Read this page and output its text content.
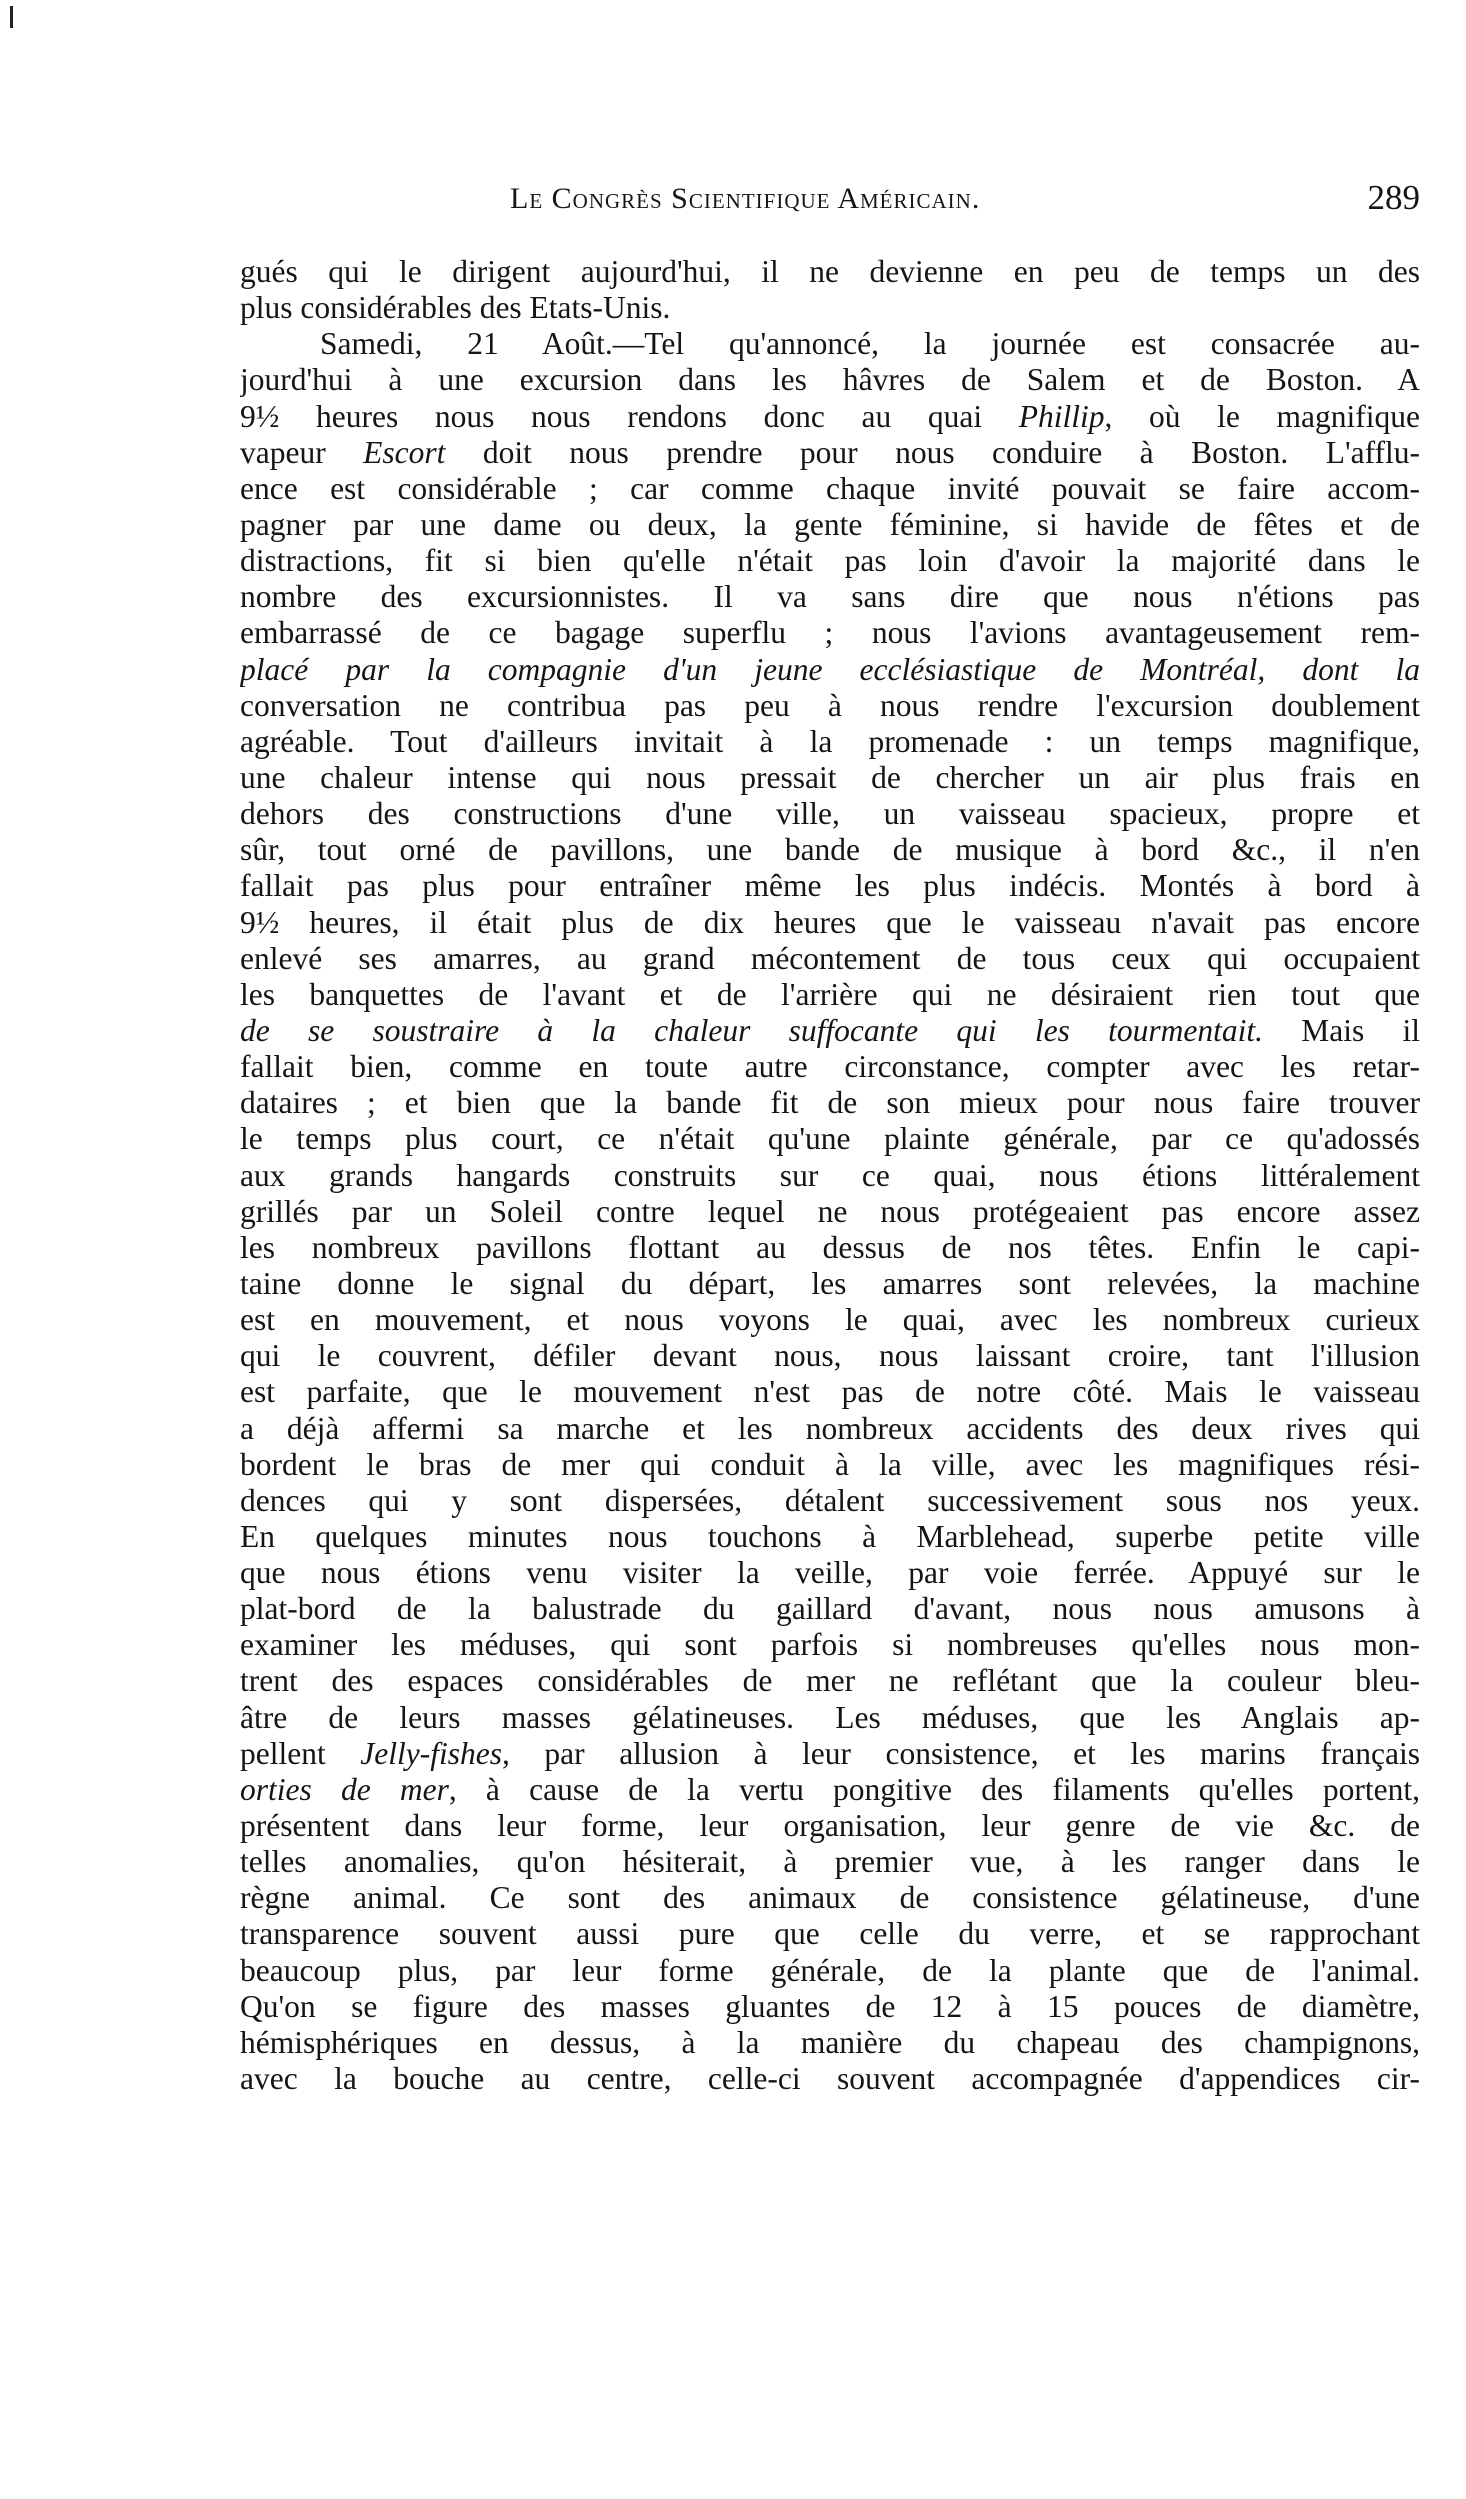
Le Congrès Scientifique Américain.	289
gués qui le dirigent aujourd'hui, il ne devienne en peu de temps un des
plus considérables des Etats-Unis.
Samedi, 21 Août.—Tel qu'annoncé, la journée est consacrée au-
jourd'hui à une excursion dans les hâvres de Salem et de Boston. A
9½ heures nous nous rendons donc au quai Phillip, où le magnifique
vapeur Escort doit nous prendre pour nous conduire à Boston. L'afflu-
ence est considérable ; car comme chaque invité pouvait se faire accom-
pagner par une dame ou deux, la gente féminine, si havide de fêtes et de
distractions, fit si bien qu'elle n'était pas loin d'avoir la majorité dans le
nombre des excursionnistes. Il va sans dire que nous n'étions pas
embarrassé de ce bagage superflu ; nous l'avions avantageusement rem-
placé par la compagnie d'un jeune ecclésiastique de Montréal, dont la
conversation ne contribua pas peu à nous rendre l'excursion doublement
agréable. Tout d'ailleurs invitait à la promenade : un temps magnifique,
une chaleur intense qui nous pressait de chercher un air plus frais en
dehors des constructions d'une ville, un vaisseau spacieux, propre et
sûr, tout orné de pavillons, une bande de musique à bord &c., il n'en
fallait pas plus pour entraîner même les plus indécis. Montés à bord à
9½ heures, il était plus de dix heures que le vaisseau n'avait pas encore
enlevé ses amarres, au grand mécontement de tous ceux qui occupaient
les banquettes de l'avant et de l'arrière qui ne désiraient rien tout que
de se soustraire à la chaleur suffocante qui les tourmentait. Mais il
fallait bien, comme en toute autre circonstance, compter avec les retar-
dataires ; et bien que la bande fit de son mieux pour nous faire trouver
le temps plus court, ce n'était qu'une plainte générale, par ce qu'adossés
aux grands hangards construits sur ce quai, nous étions littéralement
grillés par un Soleil contre lequel ne nous protégeaient pas encore assez
les nombreux pavillons flottant au dessus de nos têtes. Enfin le capi-
taine donne le signal du départ, les amarres sont relevées, la machine
est en mouvement, et nous voyons le quai, avec les nombreux curieux
qui le couvrent, défiler devant nous, nous laissant croire, tant l'illusion
est parfaite, que le mouvement n'est pas de notre côté. Mais le vaisseau
a déjà affermi sa marche et les nombreux accidents des deux rives qui
bordent le bras de mer qui conduit à la ville, avec les magnifiques rési-
dences qui y sont dispersées, détalent successivement sous nos yeux.
En quelques minutes nous touchons à Marblehead, superbe petite ville
que nous étions venu visiter la veille, par voie ferrée. Appuyé sur le
plat-bord de la balustrade du gaillard d'avant, nous nous amusons à
examiner les méduses, qui sont parfois si nombreuses qu'elles nous mon-
trent des espaces considérables de mer ne reflétant que la couleur bleu-
âtre de leurs masses gélatineuses. Les méduses, que les Anglais ap-
pellent Jelly-fishes, par allusion à leur consistence, et les marins français
orties de mer, à cause de la vertu pongitive des filaments qu'elles portent,
présentent dans leur forme, leur organisation, leur genre de vie &c. de
telles anomalies, qu'on hésiterait, à premier vue, à les ranger dans le
règne animal. Ce sont des animaux de consistence gélatineuse, d'une
transparence souvent aussi pure que celle du verre, et se rapprochant
beaucoup plus, par leur forme générale, de la plante que de l'animal.
Qu'on se figure des masses gluantes de 12 à 15 pouces de diamètre,
hémisphériques en dessus, à la manière du chapeau des champignons,
avec la bouche au centre, celle-ci souvent accompagnée d'appendices cir-
